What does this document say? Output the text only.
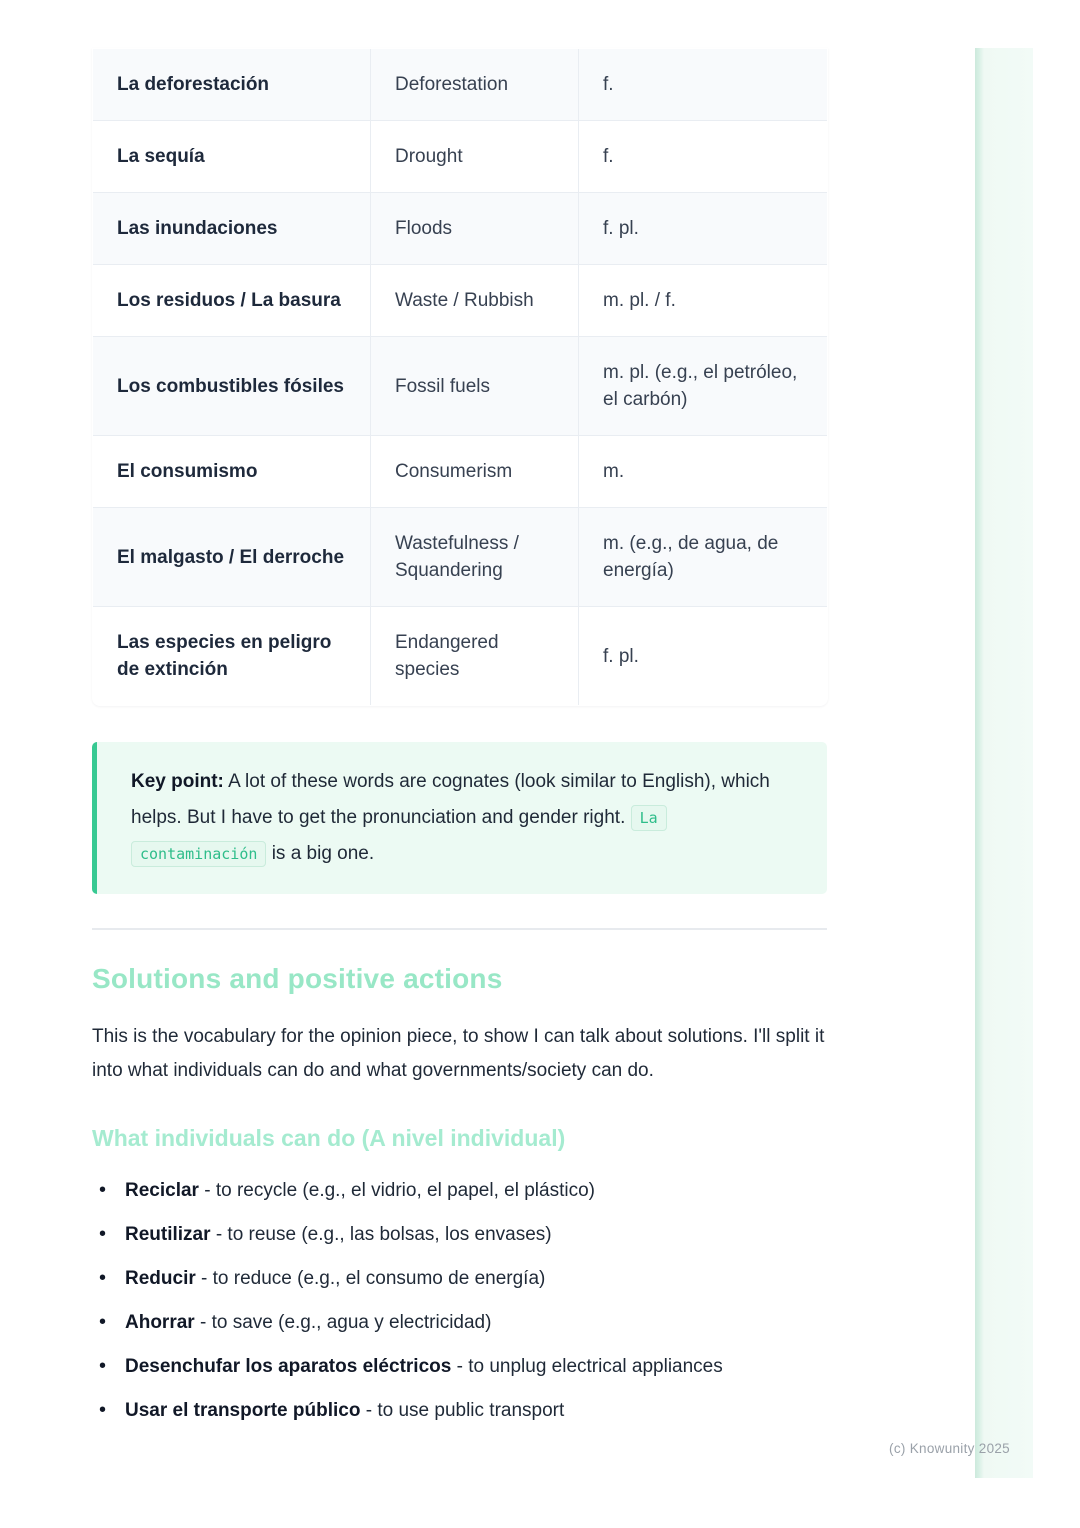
La deforestación	Deforestation	f.
La sequía	Drought	f.
Las inundaciones	Floods	f. pl.
Los residuos / La basura	Waste / Rubbish	m. pl. / f.
Los combustibles fósiles	Fossil fuels	m. pl. (e.g., el petróleo, el carbón)
El consumismo	Consumerism	m.
El malgasto / El derroche	Wastefulness / Squandering	m. (e.g., de agua, de energía)
Las especies en peligro de extinción	Endangered species	f. pl.

Key point: A lot of these words are cognates (look similar to English), which helps. But I have to get the pronunciation and gender right. La contaminación is a big one.

Solutions and positive actions

This is the vocabulary for the opinion piece, to show I can talk about solutions. I'll split it into what individuals can do and what governments/society can do.

What individuals can do (A nivel individual)
• Reciclar - to recycle (e.g., el vidrio, el papel, el plástico)
• Reutilizar - to reuse (e.g., las bolsas, los envases)
• Reducir - to reduce (e.g., el consumo de energía)
• Ahorrar - to save (e.g., agua y electricidad)
• Desenchufar los aparatos eléctricos - to unplug electrical appliances
• Usar el transporte público - to use public transport
(c) Knowunity 2025
